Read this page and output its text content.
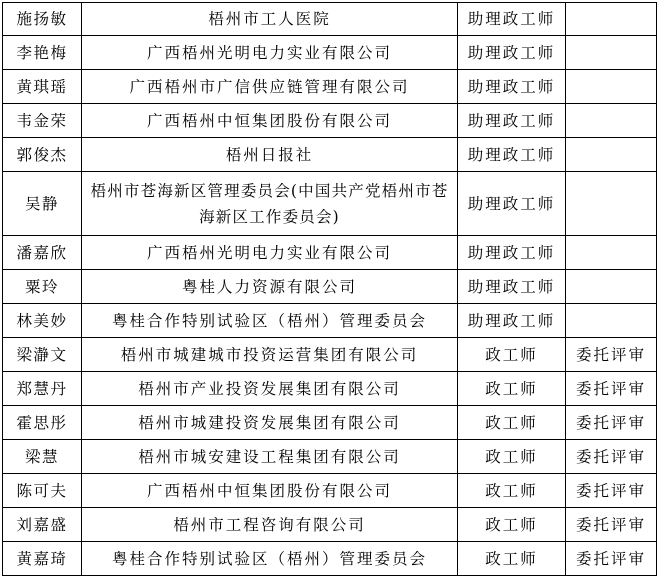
施扬敏	梧州市工人医院	助理政工师	
李艳梅	广西梧州光明电力实业有限公司	助理政工师	
黄琪瑶	广西梧州市广信供应链管理有限公司	助理政工师	
韦金荣	广西梧州中恒集团股份有限公司	助理政工师	
郭俊杰	梧州日报社	助理政工师	
吴静	梧州市苍海新区管理委员会(中国共产党梧州市苍海新区工作委员会)	助理政工师	
潘嘉欣	广西梧州光明电力实业有限公司	助理政工师	
粟玲	粤桂人力资源有限公司	助理政工师	
林美妙	粤桂合作特别试验区（梧州）管理委员会	助理政工师	
梁瀞文	梧州市城建城市投资运营集团有限公司	政工师	委托评审
郑慧丹	梧州市产业投资发展集团有限公司	政工师	委托评审
霍思彤	梧州市城建投资发展集团有限公司	政工师	委托评审
梁慧	梧州市城安建设工程集团有限公司	政工师	委托评审
陈可夫	广西梧州中恒集团股份有限公司	政工师	委托评审
刘嘉盛	梧州市工程咨询有限公司	政工师	委托评审
黄嘉琦	粤桂合作特别试验区（梧州）管理委员会	政工师	委托评审
